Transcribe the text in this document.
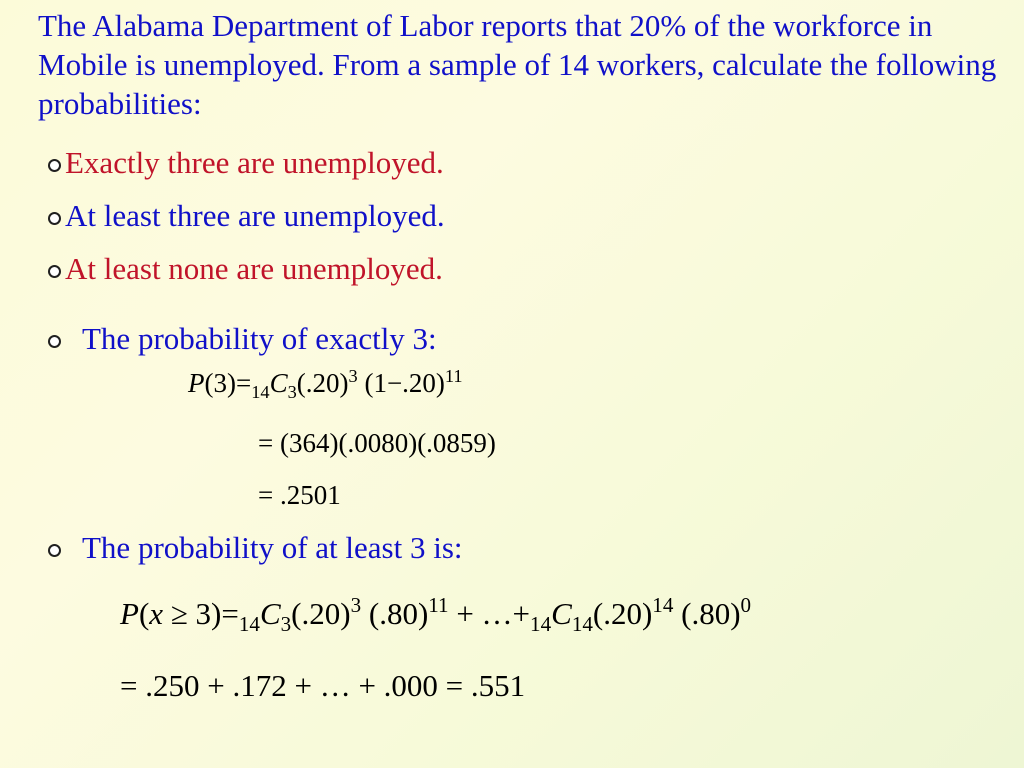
The Alabama Department of Labor reports that 20% of the workforce in Mobile is unemployed. From a sample of 14 workers, calculate the following probabilities:

Exactly three are unemployed.
At least three are unemployed.
At least none are unemployed.
The probability of exactly 3:
$P(3)=_{14}C_3(.20)^3$ $(1-.20)^{11}$
= (364)(.0080)(.0859)
= .2501
The probability of at least 3 is:
$P(x \ge 3)=_{14}C_3(.20)^3$ $(.80)^{11}$ + $\dots+_{14}C_{14}(.20)^{14}$ $(.80)^0$
= .250 + .172 + … + .000 = .551
